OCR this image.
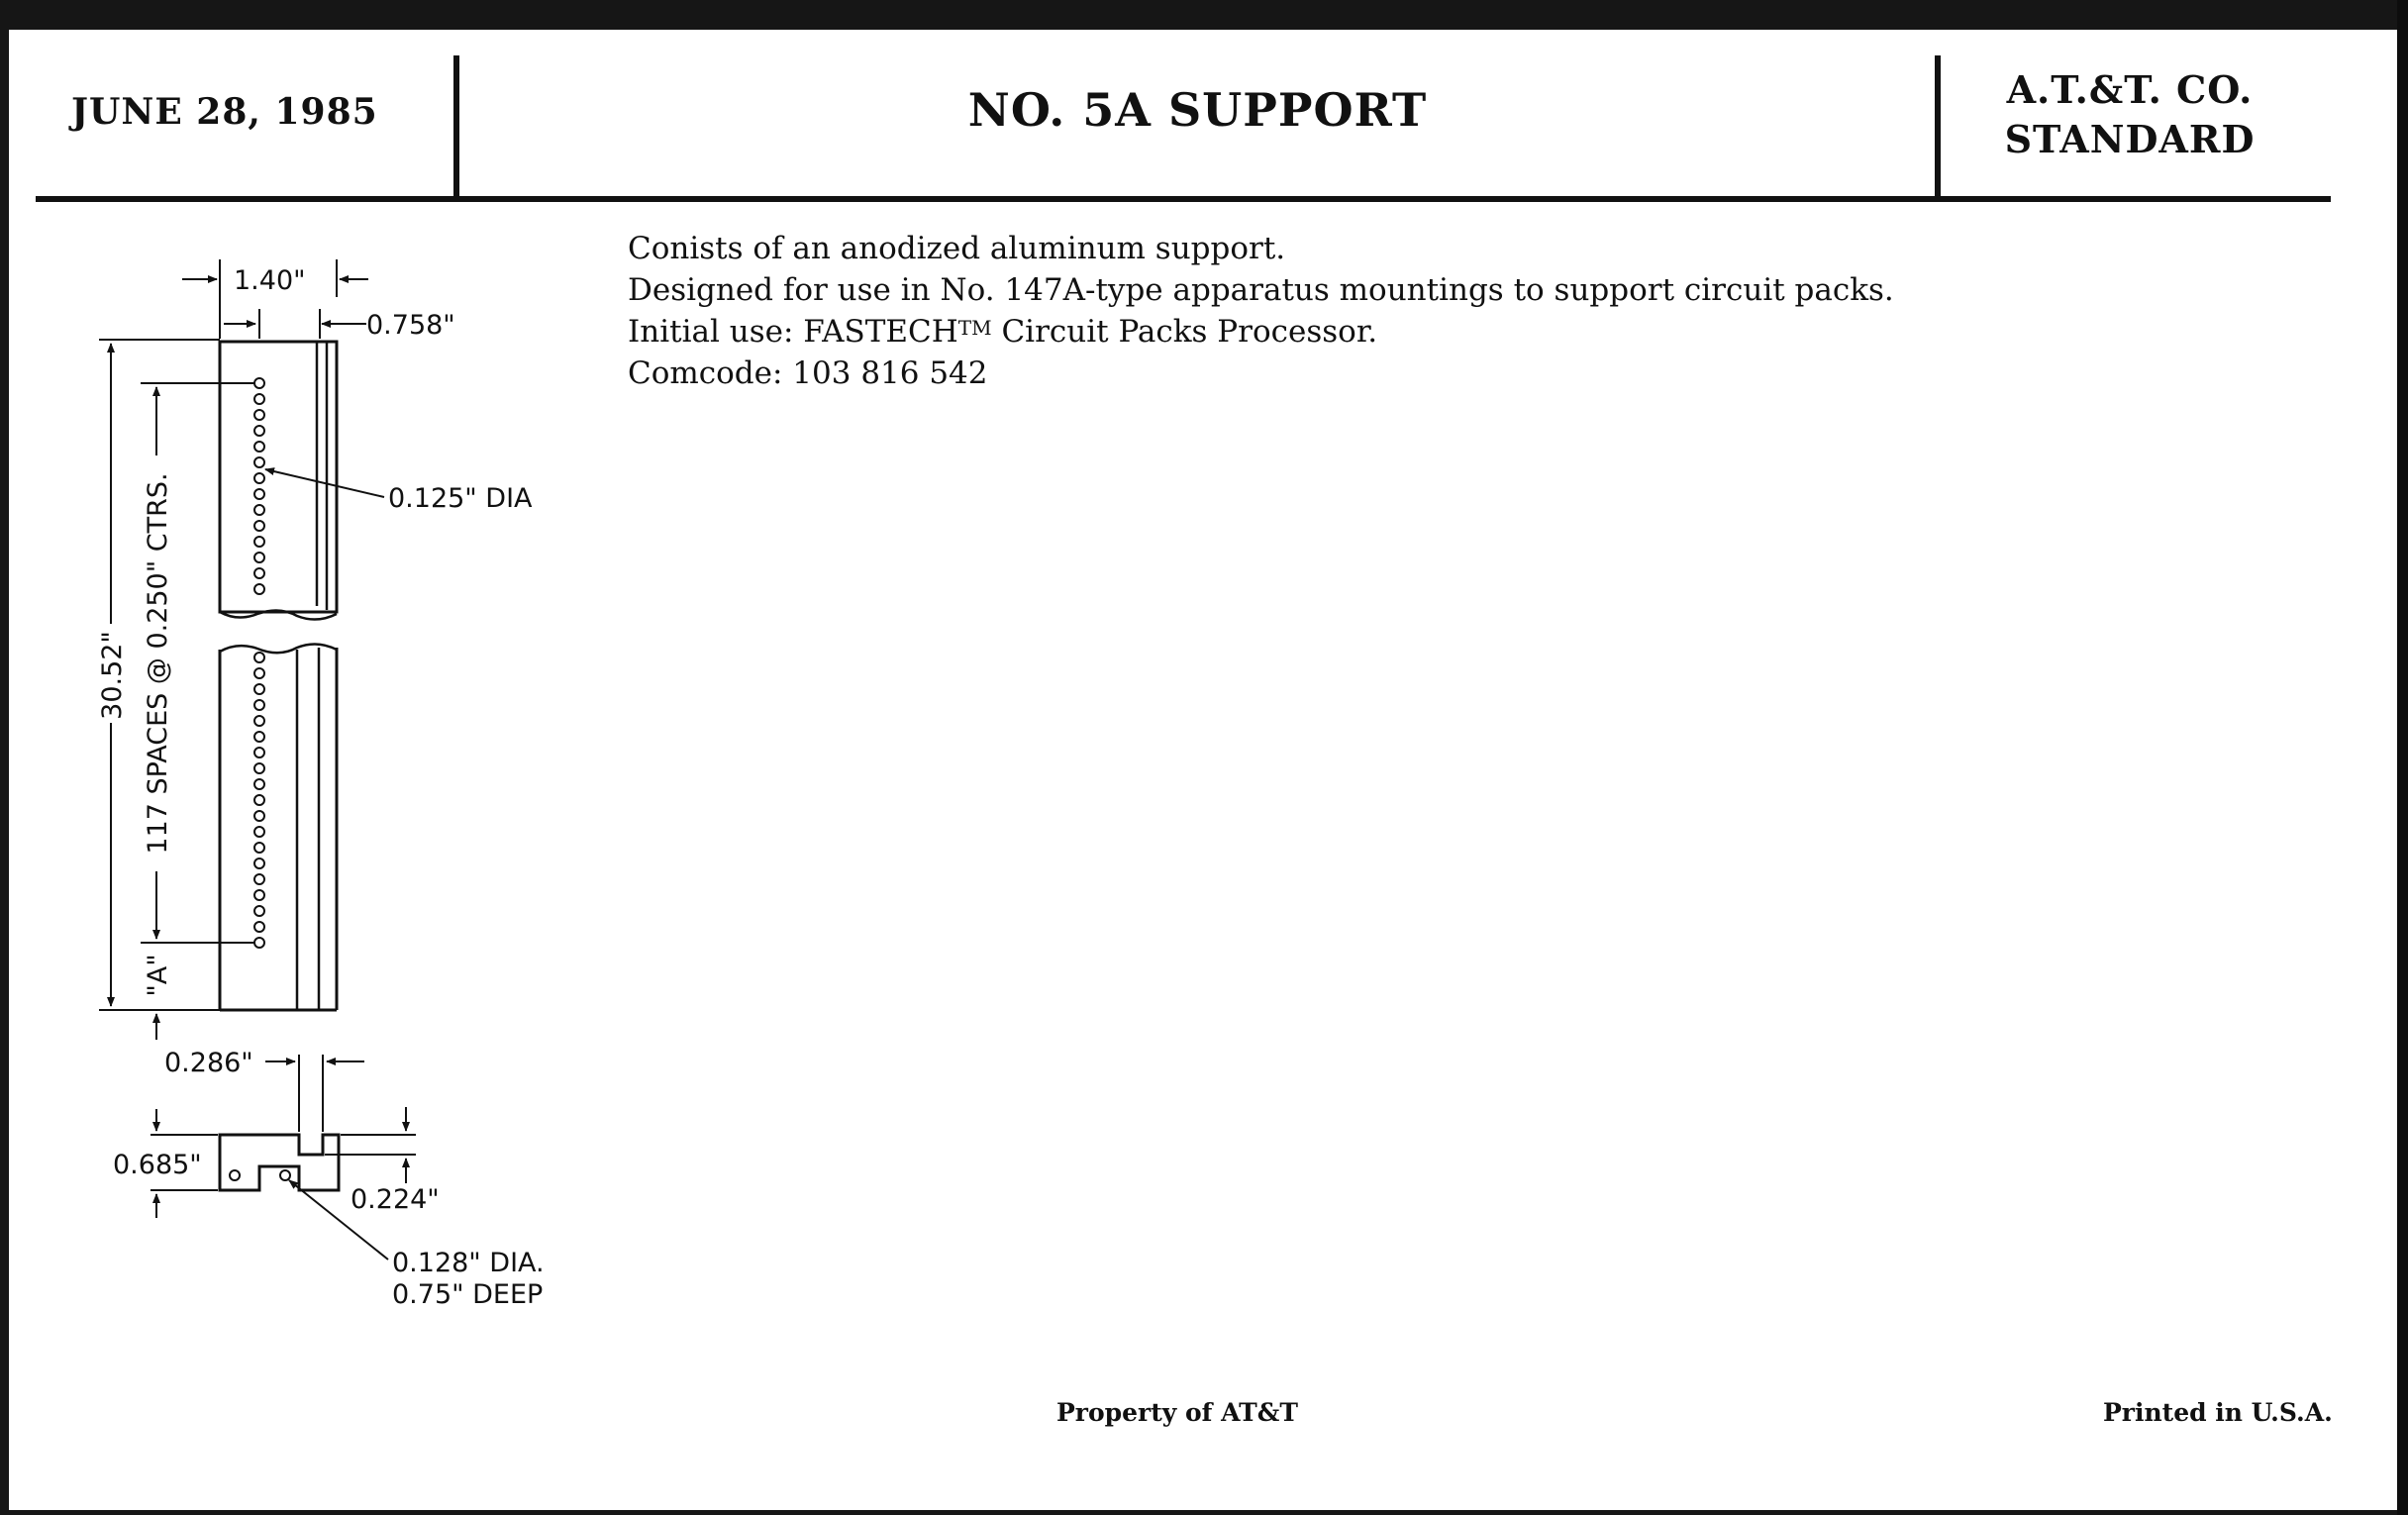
JUNE 28, 1985	NO. 5A SUPPORT	A.T.&T. CO.
STANDARD
Conists of an anodized aluminum support.
Designed for use in No. 147A-type apparatus mountings to support circuit packs.
Initial use: FASTECH™ Circuit Packs Processor.
Comcode: 103 816 542
1.40"
0.758"
0.125" DIA
30.52" 117 SPACES @ 0.250" CTRS.
"A"
0.286"
0.685"
0.224"
0.128" DIA.
0.75" DEEP
Property of AT&T	Printed in U.S.A.
